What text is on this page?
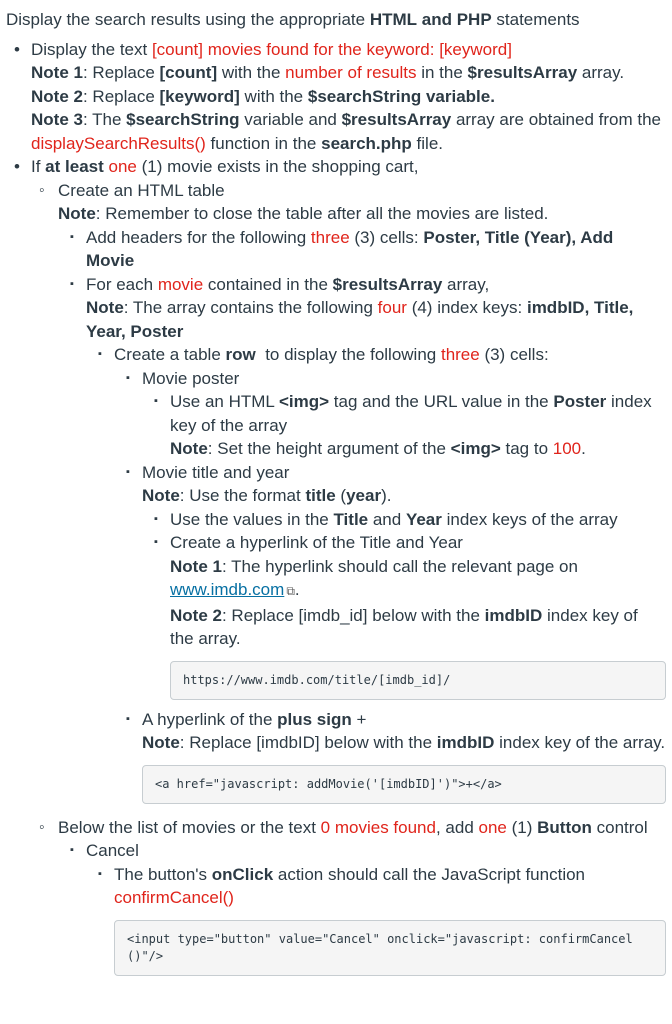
Display the search results using the appropriate HTML and PHP statements
• Display the text [count] movies found for the keyword: [keyword]
Note 1: Replace [count] with the number of results in the $resultsArray array.
Note 2: Replace [keyword] with the $searchString variable.
Note 3: The $searchString variable and $resultsArray array are obtained from the displaySearchResults() function in the search.php file.
• If at least one (1) movie exists in the shopping cart,
◦ Create an HTML table
Note: Remember to close the table after all the movies are listed.
▪ Add headers for the following three (3) cells: Poster, Title (Year), Add Movie
▪ For each movie contained in the $resultsArray array,
Note: The array contains the following four (4) index keys: imdbID, Title, Year, Poster
▪ Create a table row  to display the following three (3) cells:
▪ Movie poster
▪ Use an HTML <img> tag and the URL value in the Poster index key of the array
Note: Set the height argument of the <img> tag to 100.
▪ Movie title and year
Note: Use the format title (year).
▪ Use the values in the Title and Year index keys of the array
▪ Create a hyperlink of the Title and Year
Note 1: The hyperlink should call the relevant page on www.imdb.com ⧉.
Note 2: Replace [imdb_id] below with the imdbID index key of the array.
https://www.imdb.com/title/[imdb_id]/
▪ A hyperlink of the plus sign +
Note: Replace [imdbID] below with the imdbID index key of the array.
<a href="javascript: addMovie('[imdbID]')">+</a>
◦ Below the list of movies or the text 0 movies found, add one (1) Button control
▪ Cancel
▪ The button's onClick action should call the JavaScript function confirmCancel()
<input type="button" value="Cancel" onclick="javascript: confirmCancel()"/>
